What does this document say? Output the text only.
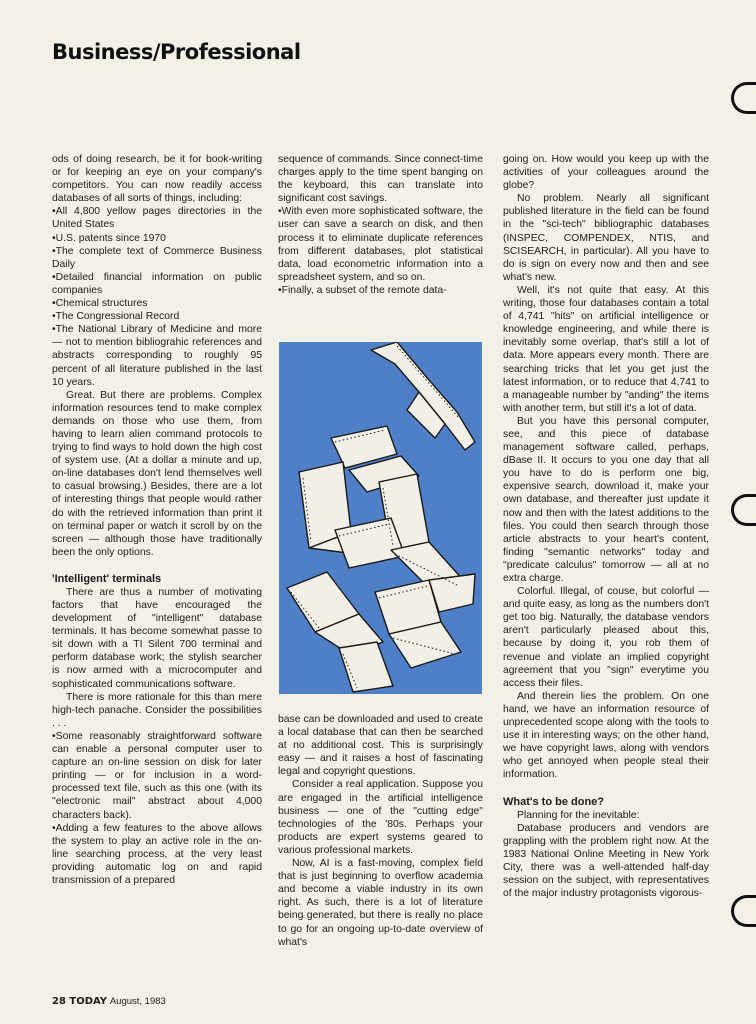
Business/Professional

ods of doing research, be it for book-writing or for keeping an eye on your company's competitors. You can now readily access databases of all sorts of things, including:

•All 4,800 yellow pages directories in the United States

•U.S. patents since 1970

•The complete text of Commerce Business Daily

•Detailed financial information on public companies

•Chemical structures

•The Congressional Record

•The National Library of Medicine and more — not to mention bibliograhic references and abstracts corresponding to roughly 95 percent of all literature published in the last 10 years.

Great. But there are problems. Complex information resources tend to make complex demands on those who use them, from having to learn alien command protocols to trying to find ways to hold down the high cost of system use. (At a dollar a minute and up, on-line databases don't lend themselves well to casual browsing.) Besides, there are a lot of interesting things that people would rather do with the retrieved information than print it on terminal paper or watch it scroll by on the screen — although those have traditionally been the only options.

'Intelligent' terminals

There are thus a number of motivating factors that have encouraged the development of "intelligent" database terminals. It has become somewhat passe to sit down with a TI Silent 700 terminal and perform database work; the stylish searcher is now armed with a microcomputer and sophisticated communications software.

There is more rationale for this than mere high-tech panache. Consider the possibilities . . .

•Some reasonably straightforward software can enable a personal computer user to capture an on-line session on disk for later printing — or for inclusion in a word-processed text file, such as this one (with its "electronic mail" abstract about 4,000 characters back).

•Adding a few features to the above allows the system to play an active role in the on-line searching process, at the very least providing automatic log on and rapid transmission of a prepared

sequence of commands. Since connect-time charges apply to the time spent banging on the keyboard, this can translate into significant cost savings.

•With even more sophisticated software, the user can save a search on disk, and then process it to eliminate duplicate references from different databases, plot statistical data, load econometric information into a spreadsheet system, and so on.

•Finally, a subset of the remote data-

base can be downloaded and used to create a local database that can then be searched at no additional cost. This is surprisingly easy — and it raises a host of fascinating legal and copyright questions.

Consider a real application. Suppose you are engaged in the artificial intelligence business — one of the "cutting edge" technologies of the '80s. Perhaps your products are expert systems geared to various professional markets.

Now, AI is a fast-moving, complex field that is just beginning to overflow academia and become a viable industry in its own right. As such, there is a lot of literature being generated, but there is really no place to go for an ongoing up-to-date overview of what's

going on. How would you keep up with the activities of your colleagues around the globe?

No problem. Nearly all significant published literature in the field can be found in the "sci-tech" bibliographic databases (INSPEC, COMPENDEX, NTIS, and SCISEARCH, in particular). All you have to do is sign on every now and then and see what's new.

Well, it's not quite that easy. At this writing, those four databases contain a total of 4,741 "hits" on artificial intelligence or knowledge engineering, and while there is inevitably some overlap, that's still a lot of data. More appears every month. There are searching tricks that let you get just the latest information, or to reduce that 4,741 to a manageable number by "anding" the items with another term, but still it's a lot of data.

But you have this personal computer, see, and this piece of database management software called, perhaps, dBase II. It occurs to you one day that all you have to do is perform one big, expensive search, download it, make your own database, and thereafter just update it now and then with the latest additions to the files. You could then search through those article abstracts to your heart's content, finding "semantic networks" today and "predicate calculus" tomorrow — all at no extra charge.

Colorful. Illegal, of couse, but colorful — and quite easy, as long as the numbers don't get too big. Naturally, the database vendors aren't particularly pleased about this, because by doing it, you rob them of revenue and violate an implied copyright agreement that you "sign" everytime you access their files.

And therein lies the problem. On one hand, we have an information resource of unprecedented scope along with the tools to use it in interesting ways; on the other hand, we have copyright laws, along with vendors who get annoyed when people steal their information.

What's to be done?

Planning for the inevitable:

Database producers and vendors are grappling with the problem right now. At the 1983 National Online Meeting in New York City, there was a well-attended half-day session on the subject, with representatives of the major industry protagonists vigorous-

28 TODAY August, 1983
